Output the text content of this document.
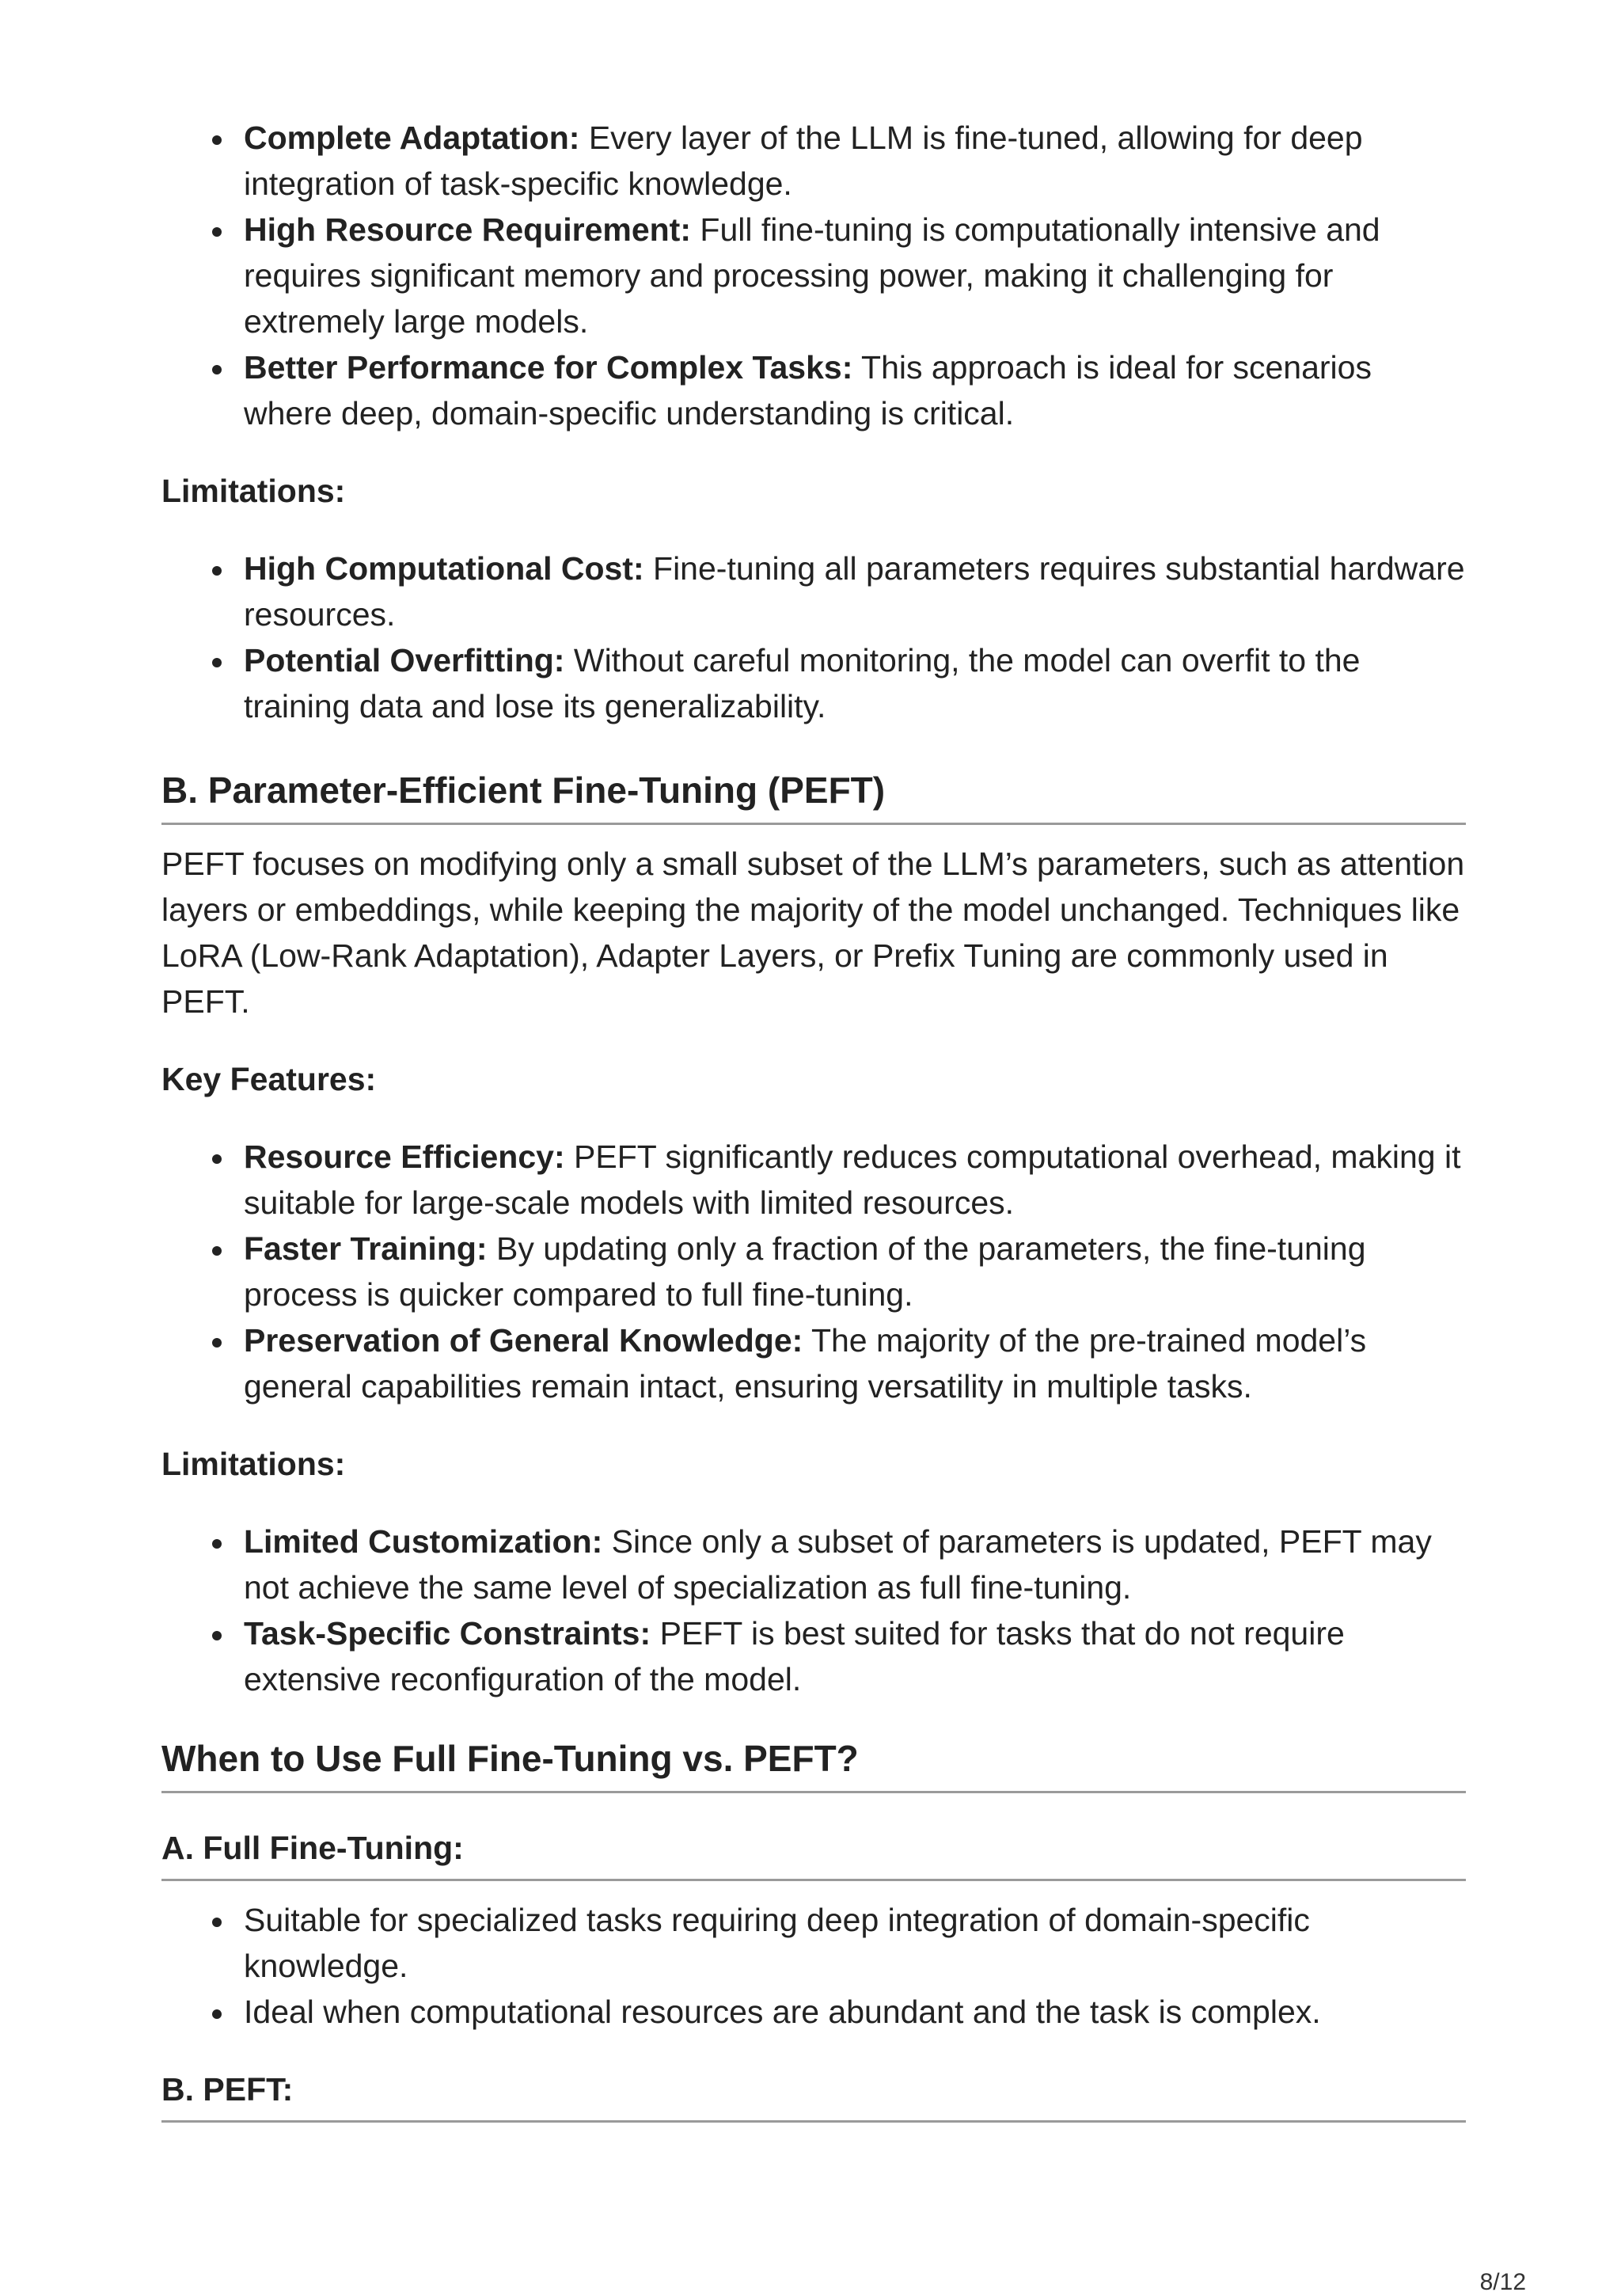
Complete Adaptation: Every layer of the LLM is fine-tuned, allowing for deep integration of task-specific knowledge.
High Resource Requirement: Full fine-tuning is computationally intensive and requires significant memory and processing power, making it challenging for extremely large models.
Better Performance for Complex Tasks: This approach is ideal for scenarios where deep, domain-specific understanding is critical.

Limitations:

High Computational Cost: Fine-tuning all parameters requires substantial hardware resources.
Potential Overfitting: Without careful monitoring, the model can overfit to the training data and lose its generalizability.
B. Parameter-Efficient Fine-Tuning (PEFT)

PEFT focuses on modifying only a small subset of the LLM’s parameters, such as attention layers or embeddings, while keeping the majority of the model unchanged. Techniques like LoRA (Low-Rank Adaptation), Adapter Layers, or Prefix Tuning are commonly used in PEFT.

Key Features:

Resource Efficiency: PEFT significantly reduces computational overhead, making it suitable for large-scale models with limited resources.
Faster Training: By updating only a fraction of the parameters, the fine-tuning process is quicker compared to full fine-tuning.
Preservation of General Knowledge: The majority of the pre-trained model’s general capabilities remain intact, ensuring versatility in multiple tasks.

Limitations:

Limited Customization: Since only a subset of parameters is updated, PEFT may not achieve the same level of specialization as full fine-tuning.
Task-Specific Constraints: PEFT is best suited for tasks that do not require extensive reconfiguration of the model.
When to Use Full Fine-Tuning vs. PEFT?
A. Full Fine-Tuning:
Suitable for specialized tasks requiring deep integration of domain-specific knowledge.
Ideal when computational resources are abundant and the task is complex.
B. PEFT:
8/12
